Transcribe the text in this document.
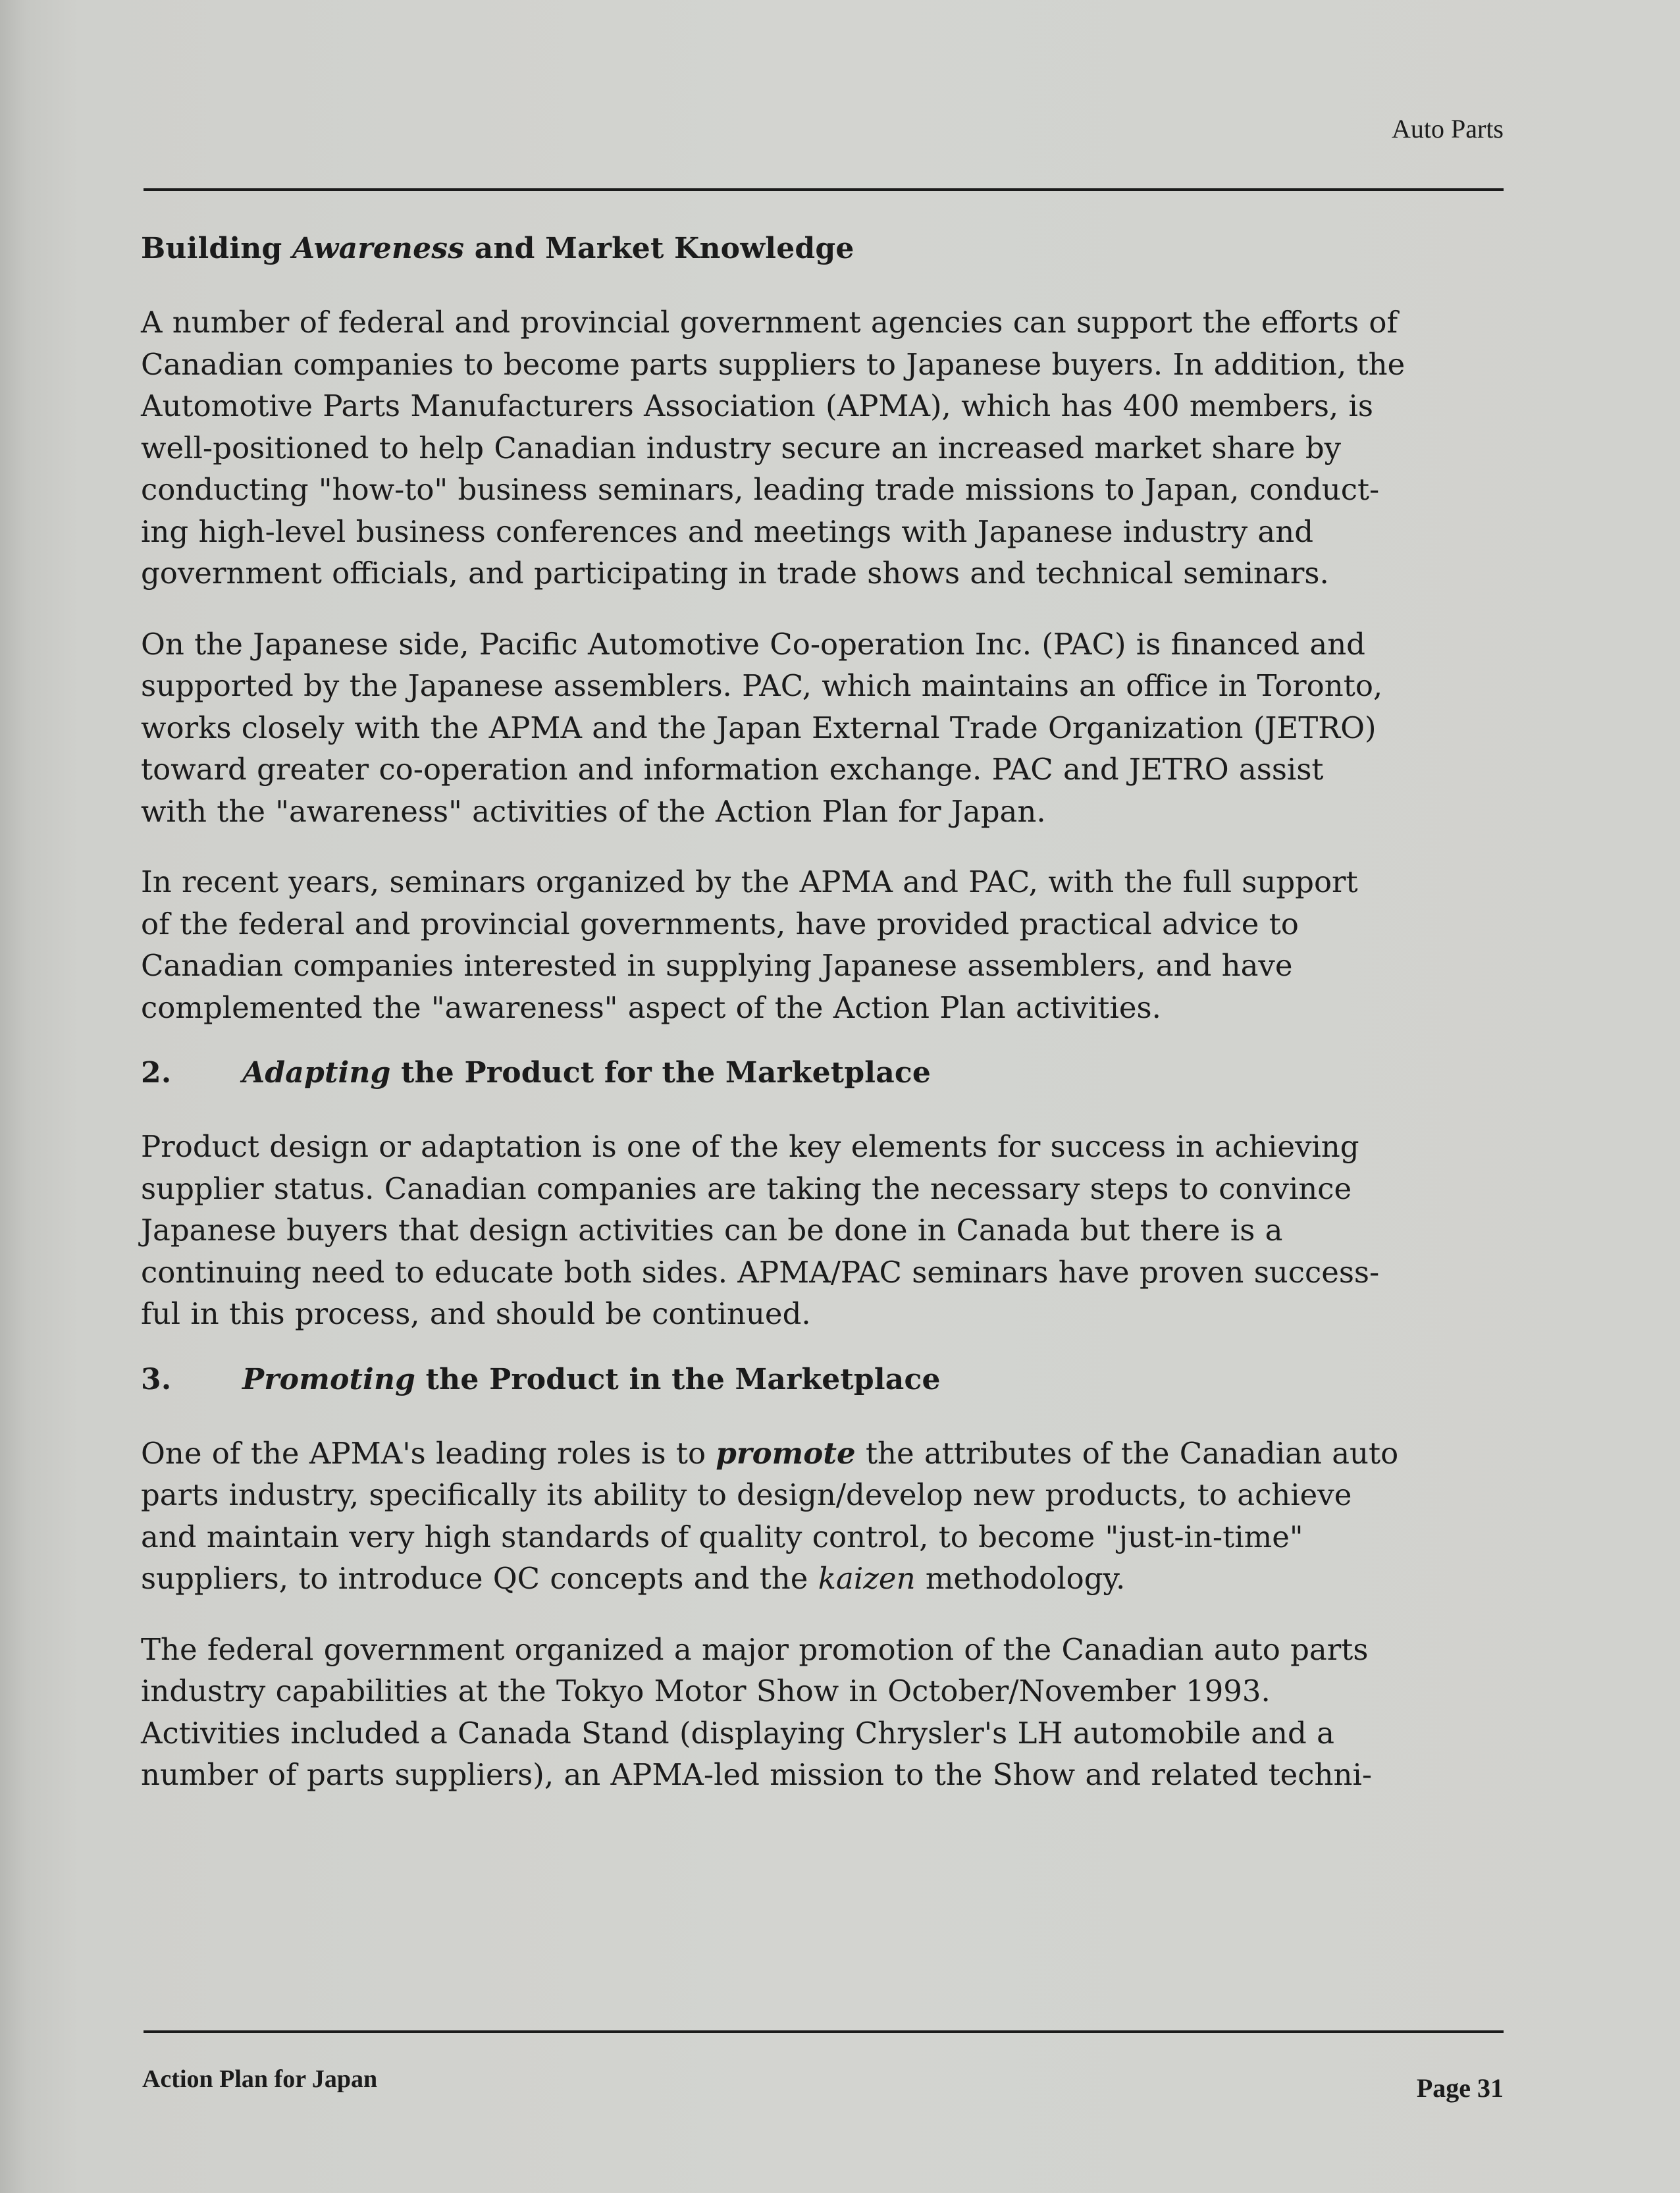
Auto Parts
Building Awareness and Market Knowledge

A number of federal and provincial government agencies can support the efforts of
Canadian companies to become parts suppliers to Japanese buyers. In addition, the
Automotive Parts Manufacturers Association (APMA), which has 400 members, is
well-positioned to help Canadian industry secure an increased market share by
conducting "how-to" business seminars, leading trade missions to Japan, conduct-
ing high-level business conferences and meetings with Japanese industry and
government officials, and participating in trade shows and technical seminars.

On the Japanese side, Pacific Automotive Co-operation Inc. (PAC) is financed and
supported by the Japanese assemblers. PAC, which maintains an office in Toronto,
works closely with the APMA and the Japan External Trade Organization (JETRO)
toward greater co-operation and information exchange. PAC and JETRO assist
with the "awareness" activities of the Action Plan for Japan.

In recent years, seminars organized by the APMA and PAC, with the full support
of the federal and provincial governments, have provided practical advice to
Canadian companies interested in supplying Japanese assemblers, and have
complemented the "awareness" aspect of the Action Plan activities.

2. Adapting the Product for the Marketplace

Product design or adaptation is one of the key elements for success in achieving
supplier status. Canadian companies are taking the necessary steps to convince
Japanese buyers that design activities can be done in Canada but there is a
continuing need to educate both sides. APMA/PAC seminars have proven success-
ful in this process, and should be continued.

3. Promoting the Product in the Marketplace

One of the APMA's leading roles is to promote the attributes of the Canadian auto
parts industry, specifically its ability to design/develop new products, to achieve
and maintain very high standards of quality control, to become "just-in-time"
suppliers, to introduce QC concepts and the kaizen methodology.

The federal government organized a major promotion of the Canadian auto parts
industry capabilities at the Tokyo Motor Show in October/November 1993.
Activities included a Canada Stand (displaying Chrysler's LH automobile and a
number of parts suppliers), an APMA-led mission to the Show and related techni-

Action Plan for Japan	Page 31
